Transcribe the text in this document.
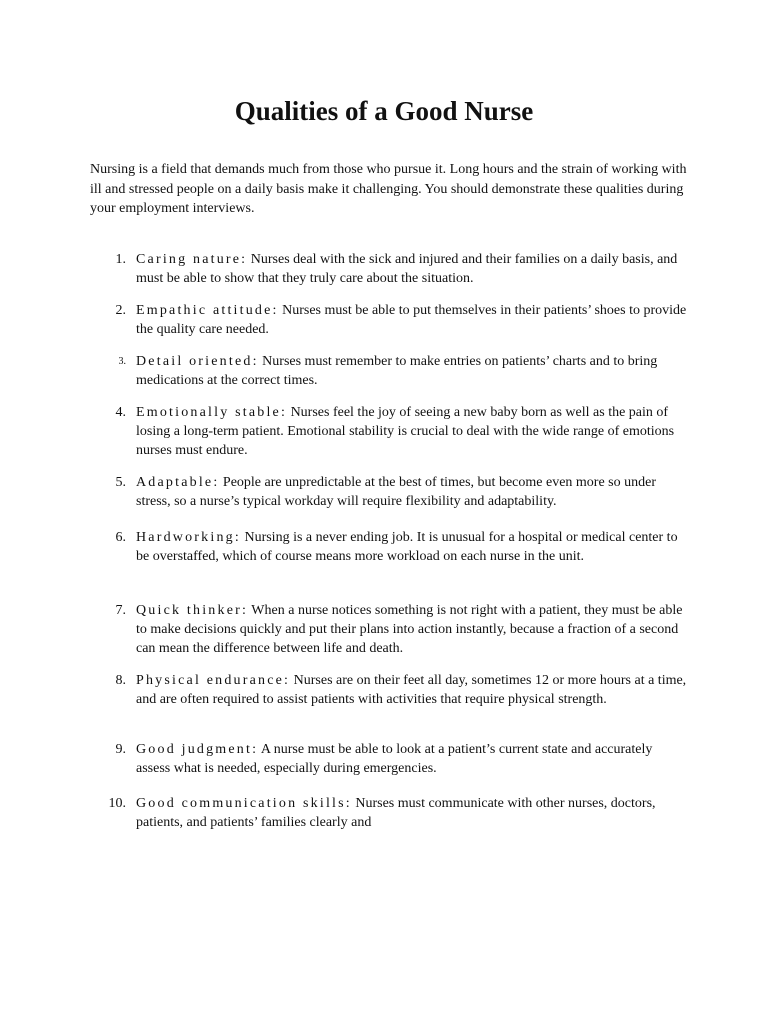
Qualities of a Good Nurse

Nursing is a field that demands much from those who pursue it. Long hours and the strain of working with ill and stressed people on a daily basis make it challenging. You should demonstrate these qualities during your employment interviews.

1. Caring nature: Nurses deal with the sick and injured and their families on a daily basis, and must be able to show that they truly care about the situation.
2. Empathic attitude: Nurses must be able to put themselves in their patients’ shoes to provide the quality care needed.
3. Detail oriented: Nurses must remember to make entries on patients’ charts and to bring medications at the correct times.
4. Emotionally stable: Nurses feel the joy of seeing a new baby born as well as the pain of losing a long-term patient. Emotional stability is crucial to deal with the wide range of emotions nurses must endure.
5. Adaptable: People are unpredictable at the best of times, but become even more so under stress, so a nurse’s typical workday will require flexibility and adaptability.
6. Hardworking: Nursing is a never ending job. It is unusual for a hospital or medical center to be overstaffed, which of course means more workload on each nurse in the unit.
7. Quick thinker: When a nurse notices something is not right with a patient, they must be able to make decisions quickly and put their plans into action instantly, because a fraction of a second can mean the difference between life and death.
8. Physical endurance: Nurses are on their feet all day, sometimes 12 or more hours at a time, and are often required to assist patients with activities that require physical strength.
9. Good judgment: A nurse must be able to look at a patient’s current state and accurately assess what is needed, especially during emergencies.
10. Good communication skills: Nurses must communicate with other nurses, doctors, patients, and patients’ families clearly and
